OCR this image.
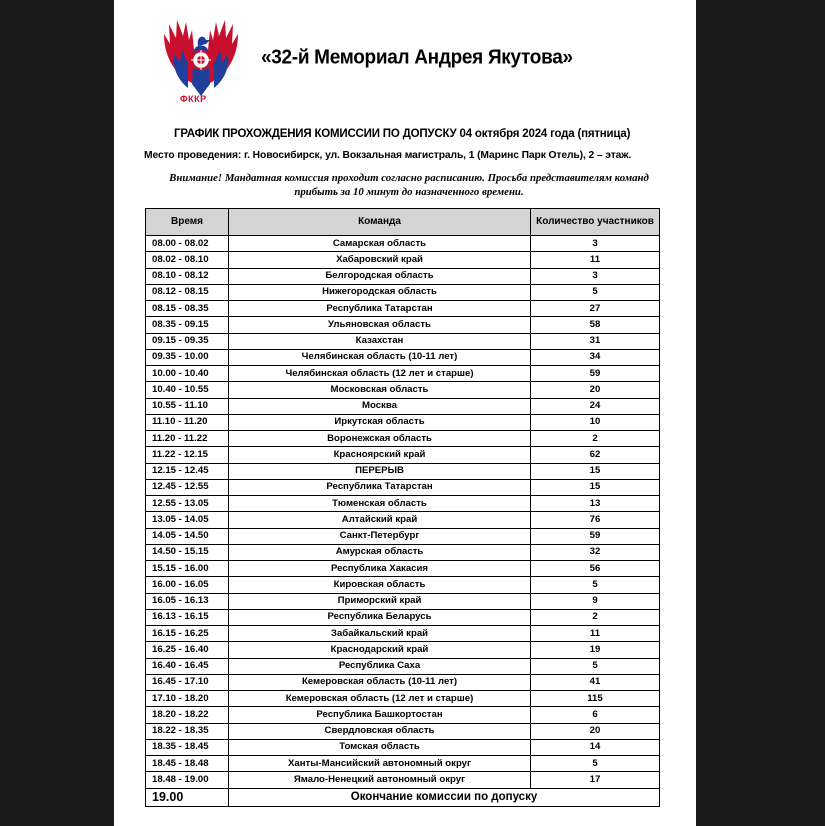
ФККР
«32-й Мемориал Андрея Якутова»
ГРАФИК ПРОХОЖДЕНИЯ КОМИССИИ ПО ДОПУСКУ 04 октября 2024 года (пятница)
Место проведения: г. Новосибирск, ул. Вокзальная магистраль, 1 (Маринс Парк Отель), 2 – этаж.
Внимание! Мандатная комиссия проходит согласно расписанию. Просьба представителям команд прибыть за 10 минут до назначенного времени.
Время	Команда	Количество участников
08.00 - 08.02	Самарская область	3
08.02 - 08.10	Хабаровский край	11
08.10 - 08.12	Белгородская область	3
08.12 - 08.15	Нижегородская область	5
08.15 - 08.35	Республика Татарстан	27
08.35 - 09.15	Ульяновская область	58
09.15 - 09.35	Казахстан	31
09.35 - 10.00	Челябинская область (10-11 лет)	34
10.00 - 10.40	Челябинская область (12 лет и старше)	59
10.40 - 10.55	Московская область	20
10.55 - 11.10	Москва	24
11.10 - 11.20	Иркутская область	10
11.20 - 11.22	Воронежская область	2
11.22 - 12.15	Красноярский край	62
12.15 - 12.45	ПЕРЕРЫВ	15
12.45 - 12.55	Республика Татарстан	15
12.55 - 13.05	Тюменская область	13
13.05 - 14.05	Алтайский край	76
14.05 - 14.50	Санкт-Петербург	59
14.50 - 15.15	Амурская область	32
15.15 - 16.00	Республика Хакасия	56
16.00 - 16.05	Кировская область	5
16.05 - 16.13	Приморский край	9
16.13 - 16.15	Республика Беларусь	2
16.15 - 16.25	Забайкальский край	11
16.25 - 16.40	Краснодарский край	19
16.40 - 16.45	Республика Саха	5
16.45 - 17.10	Кемеровская область (10-11 лет)	41
17.10 - 18.20	Кемеровская область (12 лет и старше)	115
18.20 - 18.22	Республика Башкортостан	6
18.22 - 18.35	Свердловская область	20
18.35 - 18.45	Томская область	14
18.45 - 18.48	Ханты-Мансийский автономный округ	5
18.48 - 19.00	Ямало-Ненецкий автономный округ	17
19.00	Окончание комиссии по допуску	
